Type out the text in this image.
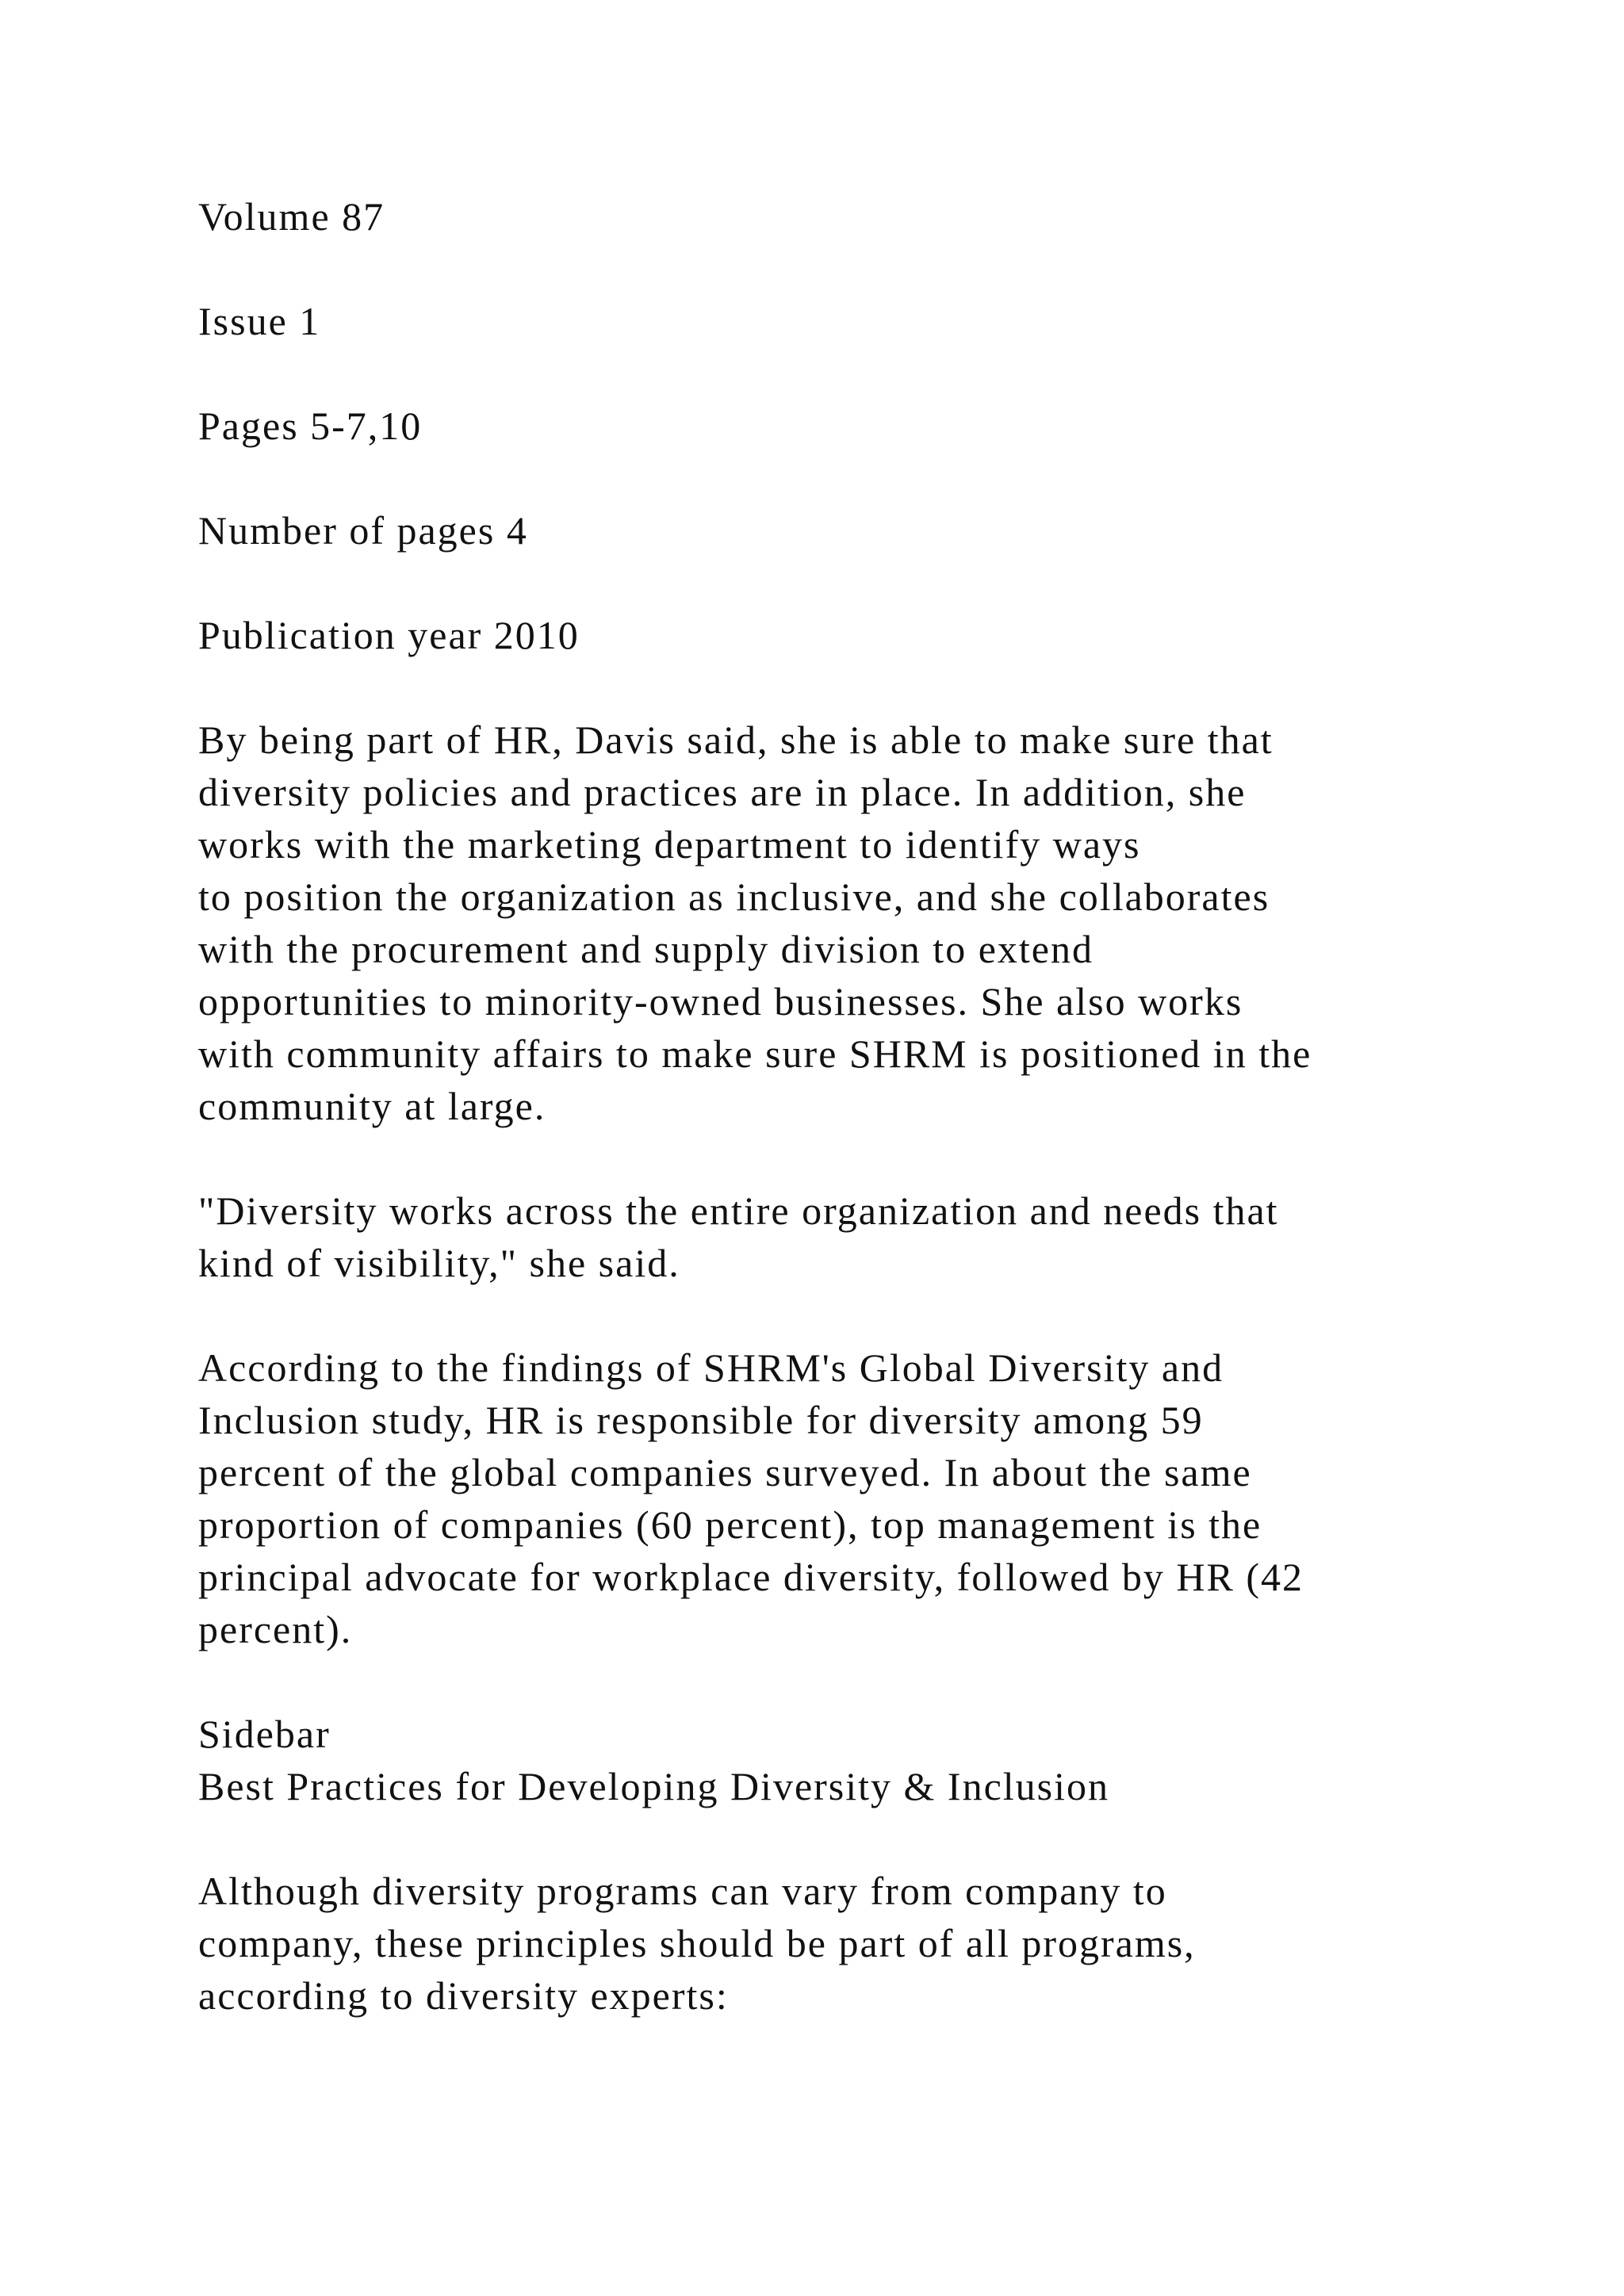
Volume 87
Issue 1
Pages 5-7,10
Number of pages 4
Publication year 2010
By being part of HR, Davis said, she is able to make sure that
diversity policies and practices are in place. In addition, she
works with the marketing department to identify ways
to position the organization as inclusive, and she collaborates
with the procurement and supply division to extend
opportunities to minority-owned businesses. She also works
with community affairs to make sure SHRM is positioned in the
community at large.
"Diversity works across the entire organization and needs that
kind of visibility," she said.
According to the findings of SHRM's Global Diversity and
Inclusion study, HR is responsible for diversity among 59
percent of the global companies surveyed. In about the same
proportion of companies (60 percent), top management is the
principal advocate for workplace diversity, followed by HR (42
percent).
Sidebar
Best Practices for Developing Diversity & Inclusion
Although diversity programs can vary from company to
company, these principles should be part of all programs,
according to diversity experts:
